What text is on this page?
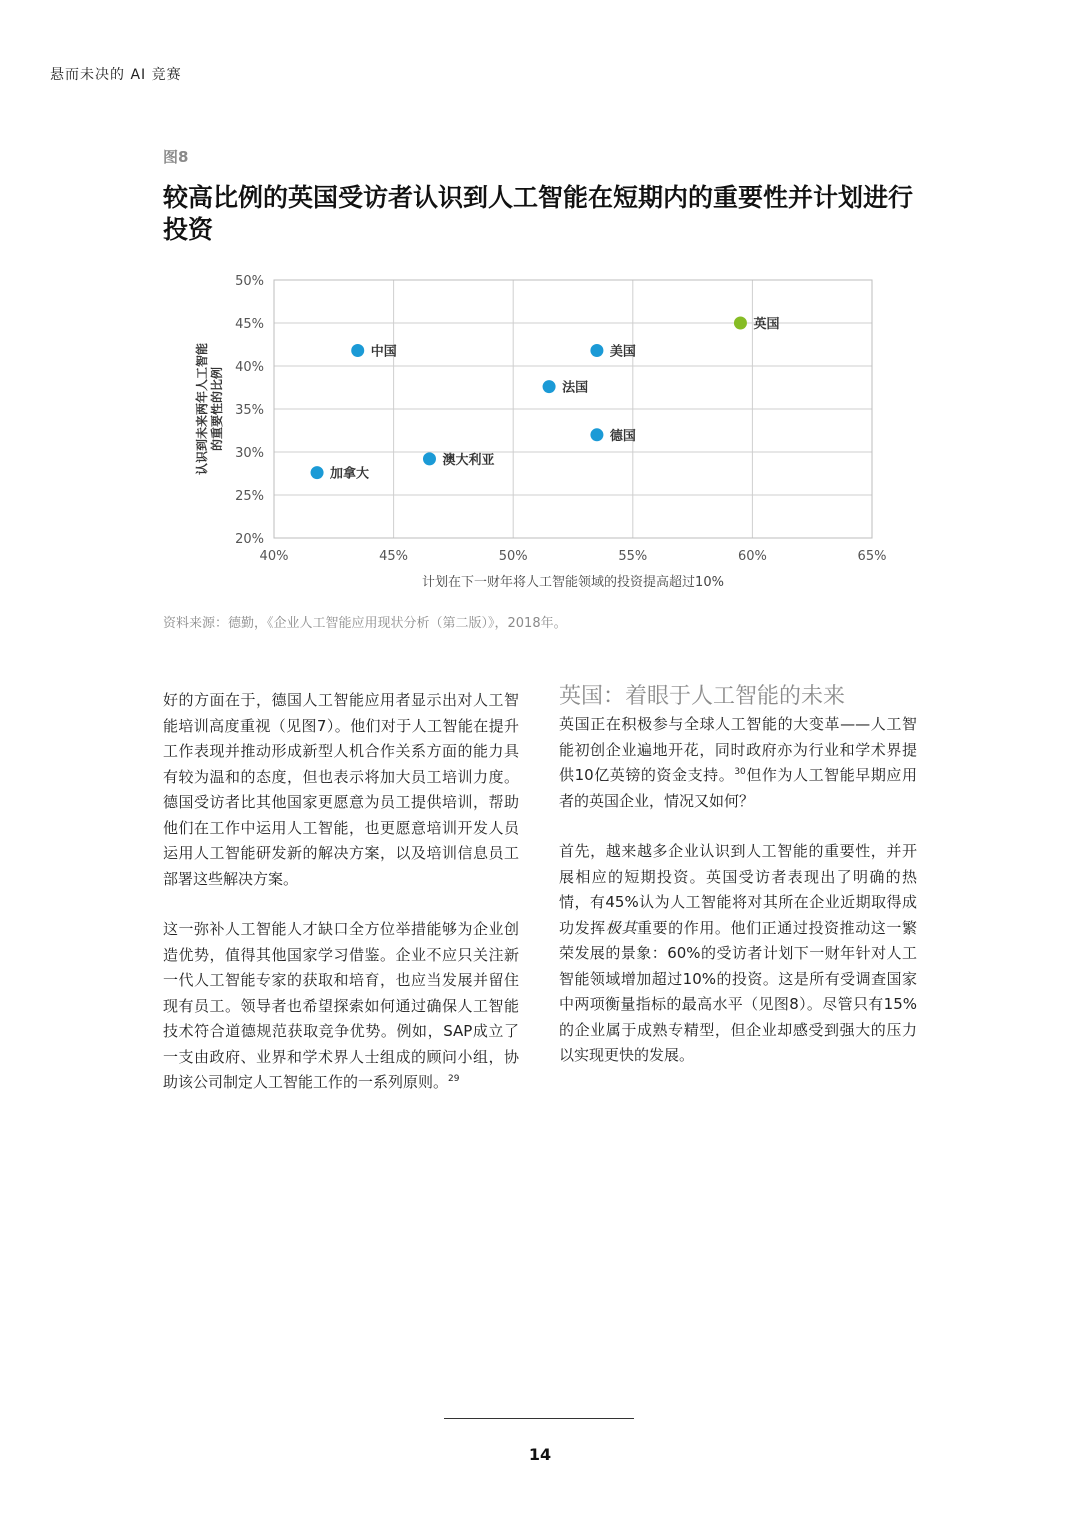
悬而未决的 AI 竞赛
图8
较高比例的英国受访者认识到人工智能在短期内的重要性并计划进行投资
20%
25%
30%
35%
40%
45%
50%
40%	45%	50%	55%	60%	65%
计划在下一财年将人工智能领域的投资提高超过10%
认识到未来两年人工智能 的重要性的比例
中国	美国
英国
法国
德国
澳大利亚
加拿大
资料来源：德勤，《企业人工智能应用现状分析（第二版）》，2018年。

好的方面在于，德国人工智能应用者显示出对人工智能培训高度重视（见图7）。他们对于人工智能在提升工作表现并推动形成新型人机合作关系方面的能力具有较为温和的态度，但也表示将加大员工培训力度。德国受访者比其他国家更愿意为员工提供培训，帮助他们在工作中运用人工智能，也更愿意培训开发人员运用人工智能研发新的解决方案，以及培训信息员工部署这些解决方案。

这一弥补人工智能人才缺口全方位举措能够为企业创造优势，值得其他国家学习借鉴。企业不应只关注新一代人工智能专家的获取和培育，也应当发展并留住现有员工。领导者也希望探索如何通过确保人工智能技术符合道德规范获取竞争优势。例如，SAP成立了一支由政府、业界和学术界人士组成的顾问小组，协助该公司制定人工智能工作的一系列原则。$^{29}$

英国：着眼于人工智能的未来

英国正在积极参与全球人工智能的大变革——人工智能初创企业遍地开花，同时政府亦为行业和学术界提供10亿英镑的资金支持。$^{30}$但作为人工智能早期应用者的英国企业，情况又如何？

首先，越来越多企业认识到人工智能的重要性，并开展相应的短期投资。英国受访者表现出了明确的热情，有45%认为人工智能将对其所在企业近期取得成功发挥极其重要的作用。他们正通过投资推动这一繁荣发展的景象：60%的受访者计划下一财年针对人工智能领域增加超过10%的投资。这是所有受调查国家中两项衡量指标的最高水平（见图8）。尽管只有15%的企业属于成熟专精型，但企业却感受到强大的压力以实现更快的发展。

14
